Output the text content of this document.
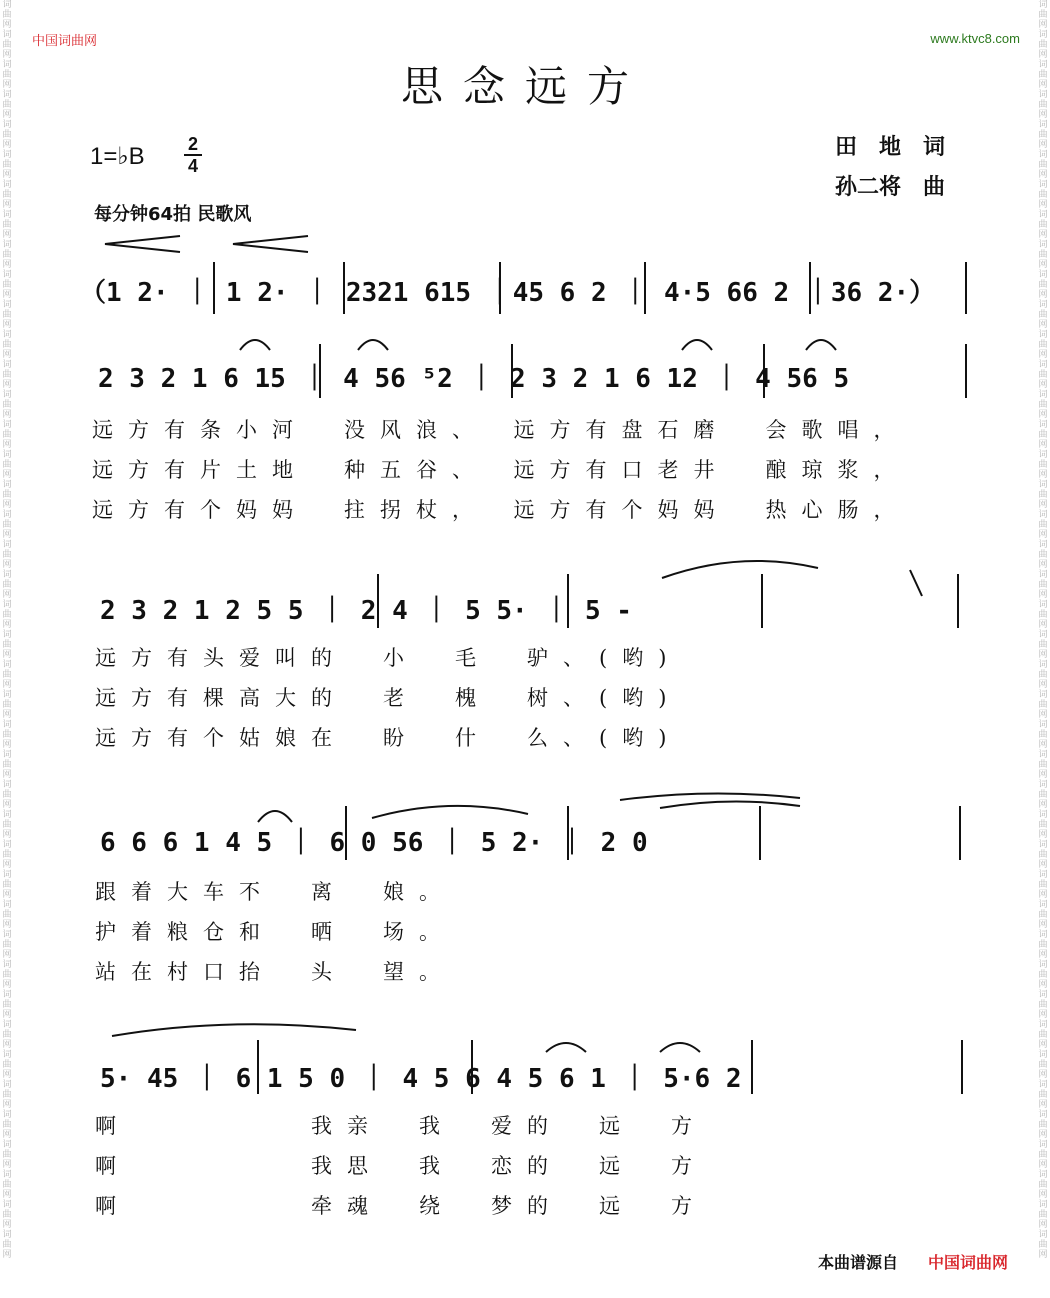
词曲网词曲网词曲网词曲网词曲网词曲网词曲网词曲网词曲网词曲网词曲网词曲网词曲网词曲网词曲网词曲网词曲网词曲网词曲网词曲网词曲网词曲网词曲网词曲网词曲网词曲网词曲网词曲网词曲网词曲网词曲网词曲网词曲网词曲网词曲网词曲网词曲网词曲网词曲网词曲网词曲网词曲网
词曲网词曲网词曲网词曲网词曲网词曲网词曲网词曲网词曲网词曲网词曲网词曲网词曲网词曲网词曲网词曲网词曲网词曲网词曲网词曲网词曲网词曲网词曲网词曲网词曲网词曲网词曲网词曲网词曲网词曲网词曲网词曲网词曲网词曲网词曲网词曲网词曲网词曲网词曲网词曲网词曲网词曲网
中国词曲网	www.ktvc8.com
思念远方
1=♭B	2
4
田　地　词
孙二将　曲
每分钟64拍 民歌风
（1 2· ｜ 1 2· ｜ 2321 615 ｜45 6 2 ｜ 4·5 66 2 ｜36 2·）
2 3 2 1 6 15 ｜ 4 56 ⁵2 ｜ 2 3 2 1 6 12 ｜ 4 56 5
远方有条小河　没风浪、　远方有盘石磨　会歌唱，
远方有片土地　种五谷、　远方有口老井　酿琼浆，
远方有个妈妈　拄拐杖，　远方有个妈妈　热心肠，
2 3 2 1 2 5 5 ｜ 2 4 ｜ 5 5· ｜ 5 -
远方有头爱叫的　小　毛　驴、(哟)
远方有棵高大的　老　槐　树、(哟)
远方有个姑娘在　盼　什　么、(哟)
6 6 6 1 4 5 ｜ 6 0 56 ｜ 5 2· ｜ 2 0
跟着大车不　离　娘。
护着粮仓和　晒　场。
站在村口抬　头　望。
5· 45 ｜ 6 1 5 0 ｜ 4 5 6 4 5 6 1 ｜ 5·6 2
啊　　　　　我亲　我　爱的　远　方
啊　　　　　我思　我　恋的　远　方
啊　　　　　牵魂　绕　梦的　远　方
本曲谱源自 中国词曲网
